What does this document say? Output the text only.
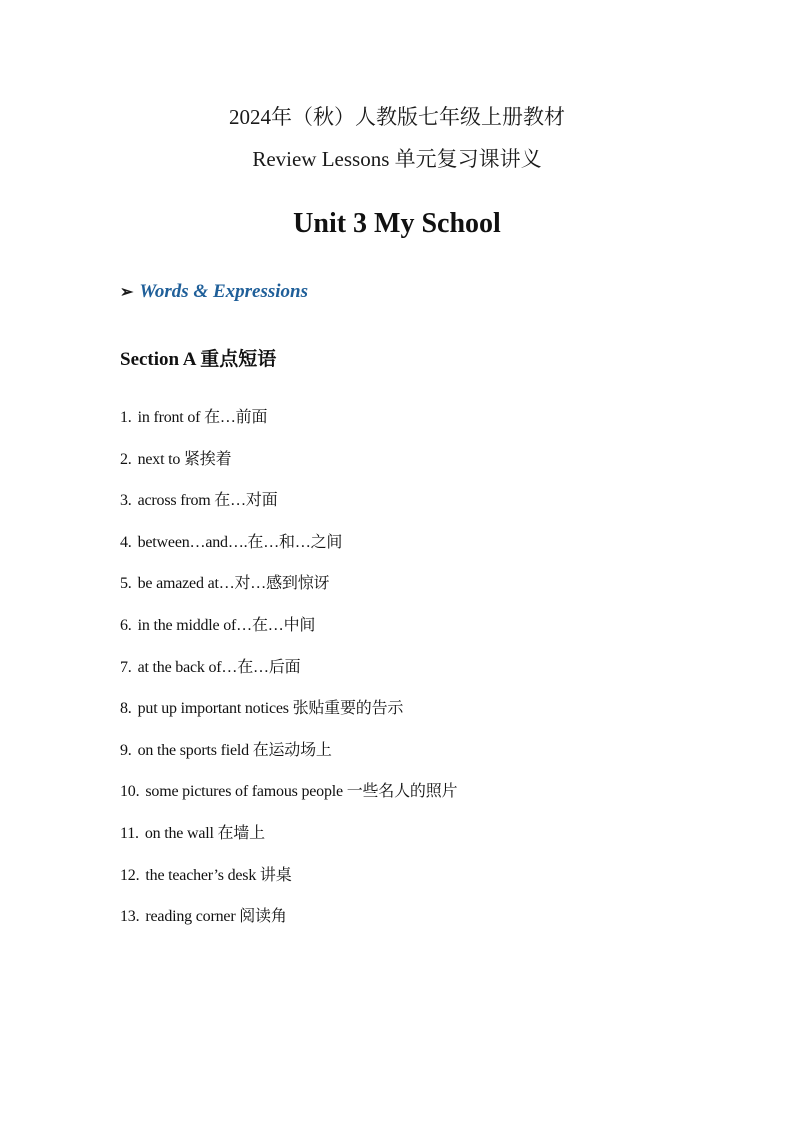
2024年（秋）人教版七年级上册教材
Review Lessons 单元复习课讲义
Unit 3 My School
➢ Words & Expressions
Section A 重点短语
1. in front of 在…前面
2. next to 紧挨着
3. across from 在…对面
4. between…and….在…和…之间
5. be amazed at…对…感到惊讶
6. in the middle of…在…中间
7. at the back of…在…后面
8. put up important notices 张贴重要的告示
9. on the sports field 在运动场上
10. some pictures of famous people 一些名人的照片
11. on the wall 在墙上
12. the teacher’s desk 讲桌
13. reading corner 阅读角
